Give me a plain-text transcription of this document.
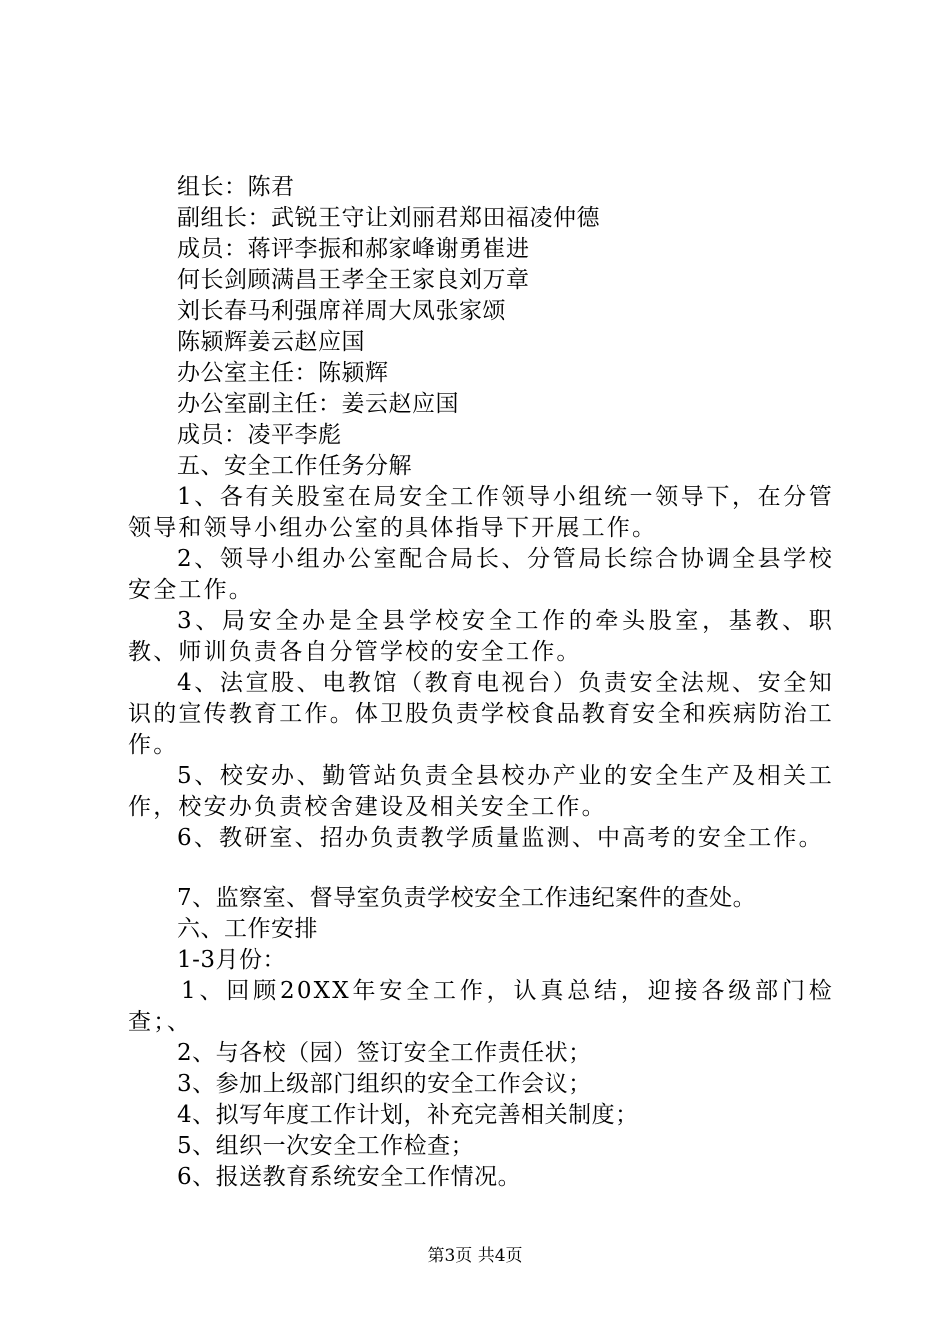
组长：陈君
副组长：武锐王守让刘丽君郑田福凌仲德
成员：蒋评李振和郝家峰谢勇崔进
何长剑顾满昌王孝全王家良刘万章
刘长春马利强席祥周大凤张家颂
陈颍辉姜云赵应国
办公室主任：陈颍辉
办公室副主任：姜云赵应国
成员：凌平李彪
五、安全工作任务分解

1、各有关股室在局安全工作领导小组统一领导下，在分管领导和领导小组办公室的具体指导下开展工作。

2、领导小组办公室配合局长、分管局长综合协调全县学校安全工作。

3、局安全办是全县学校安全工作的牵头股室，基教、职教、师训负责各自分管学校的安全工作。

4、法宣股、电教馆（教育电视台）负责安全法规、安全知识的宣传教育工作。体卫股负责学校食品教育安全和疾病防治工作。

5、校安办、勤管站负责全县校办产业的安全生产及相关工作，校安办负责校舍建设及相关安全工作。

6、教研室、招办负责教学质量监测、中高考的安全工作。

7、监察室、督导室负责学校安全工作违纪案件的查处。
六、工作安排
1-3月份：

1、回顾20XX年安全工作，认真总结，迎接各级部门检查；、

2、与各校（园）签订安全工作责任状；
3、参加上级部门组织的安全工作会议；
4、拟写年度工作计划，补充完善相关制度；
5、组织一次安全工作检查；
6、报送教育系统安全工作情况。
第3页 共4页
